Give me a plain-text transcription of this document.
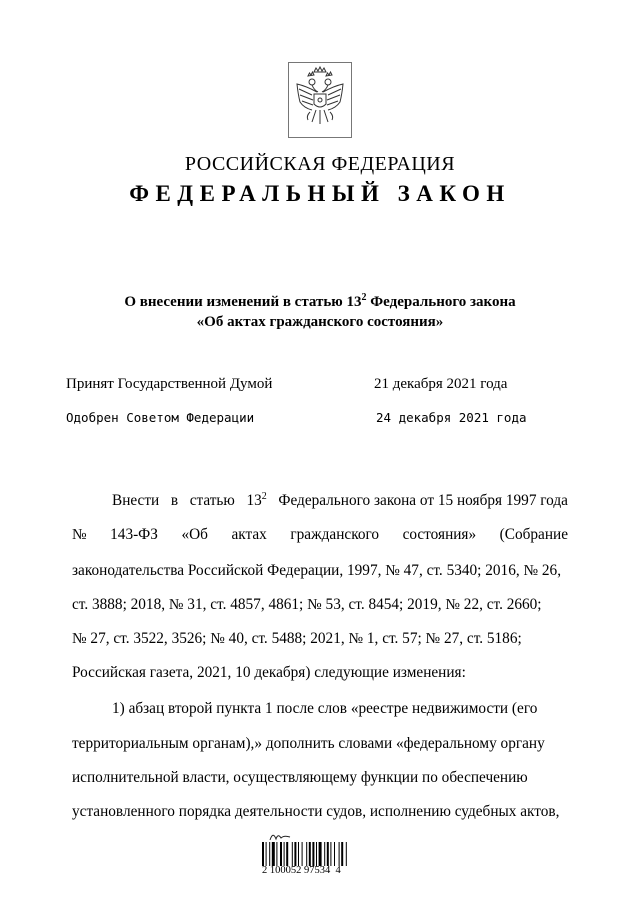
РОССИЙСКАЯ ФЕДЕРАЦИЯ
ФЕДЕРАЛЬНЫЙ ЗАКОН
О внесении изменений в статью $13^2$ Федерального закона
«Об актах гражданского состояния»
Принят Государственной Думой	21 декабря 2021 года
Одобрен Советом Федерации	24 декабря 2021 года
Внести в статью $13^2$ Федерального закона от 15 ноября 1997 года
№ 143-ФЗ «Об актах гражданского состояния» (Собрание
законодательства Российской Федерации, 1997, № 47, ст. 5340; 2016, № 26,
ст. 3888; 2018, № 31, ст. 4857, 4861; № 53, ст. 8454; 2019, № 22, ст. 2660;
№ 27, ст. 3522, 3526; № 40, ст. 5488; 2021, № 1, ст. 57; № 27, ст. 5186;
Российская газета, 2021, 10 декабря) следующие изменения:
1) абзац второй пункта 1 после слов «реестре недвижимости (его
территориальным органам),» дополнить словами «федеральному органу
исполнительной власти, осуществляющему функции по обеспечению
установленного порядка деятельности судов, исполнению судебных актов,
2 100052 97534  4
